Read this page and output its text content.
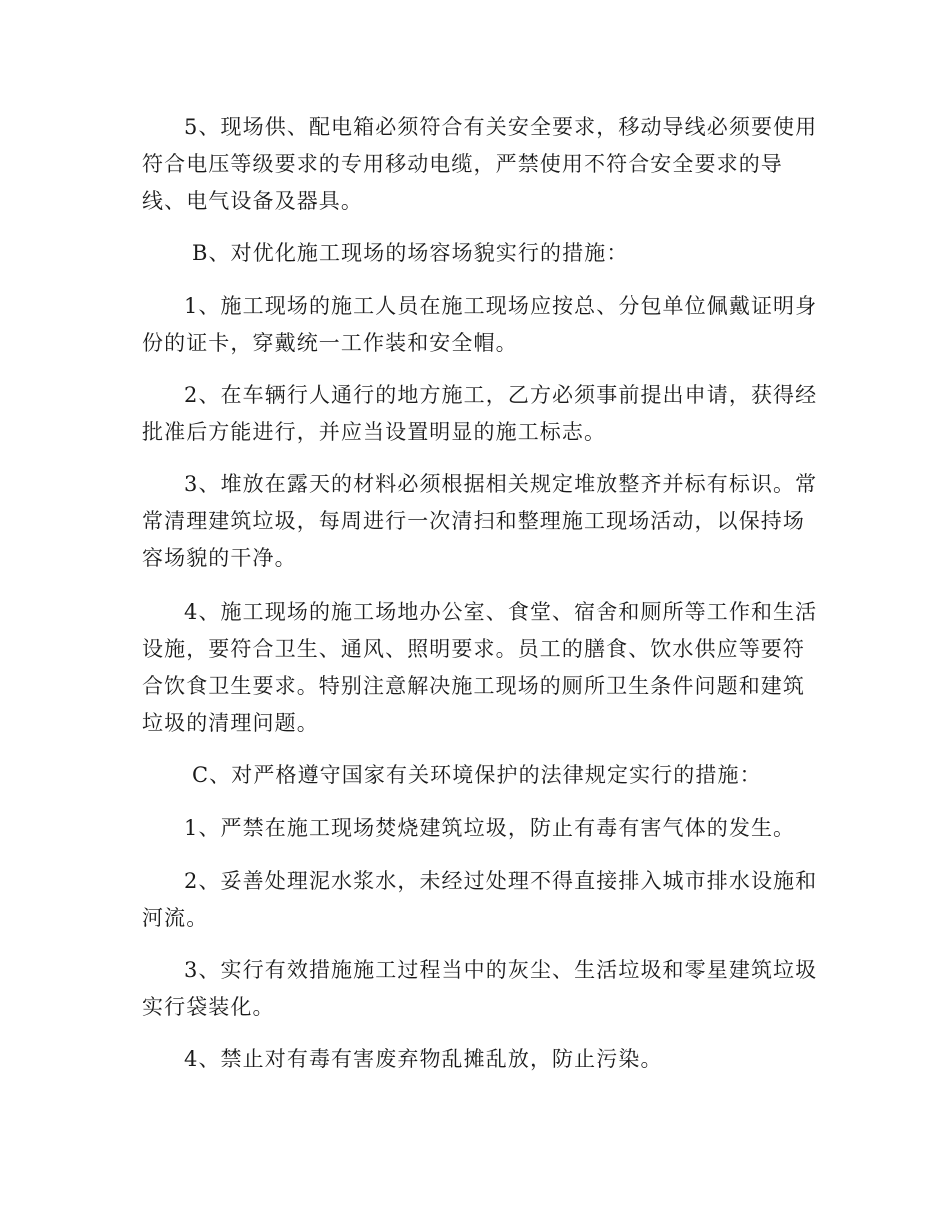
5、现场供、配电箱必须符合有关安全要求，移动导线必须要使用
符合电压等级要求的专用移动电缆，严禁使用不符合安全要求的导
线、电气设备及器具。

B、对优化施工现场的场容场貌实行的措施：

1、施工现场的施工人员在施工现场应按总、分包单位佩戴证明身
份的证卡，穿戴统一工作装和安全帽。

2、在车辆行人通行的地方施工，乙方必须事前提出申请，获得经
批准后方能进行，并应当设置明显的施工标志。

3、堆放在露天的材料必须根据相关规定堆放整齐并标有标识。常
常清理建筑垃圾，每周进行一次清扫和整理施工现场活动，以保持场
容场貌的干净。

4、施工现场的施工场地办公室、食堂、宿舍和厕所等工作和生活
设施，要符合卫生、通风、照明要求。员工的膳食、饮水供应等要符
合饮食卫生要求。特别注意解决施工现场的厕所卫生条件问题和建筑
垃圾的清理问题。

C、对严格遵守国家有关环境保护的法律规定实行的措施：

1、严禁在施工现场焚烧建筑垃圾，防止有毒有害气体的发生。

2、妥善处理泥水浆水，未经过处理不得直接排入城市排水设施和
河流。

3、实行有效措施施工过程当中的灰尘、生活垃圾和零星建筑垃圾
实行袋装化。

4、禁止对有毒有害废弃物乱摊乱放，防止污染。
